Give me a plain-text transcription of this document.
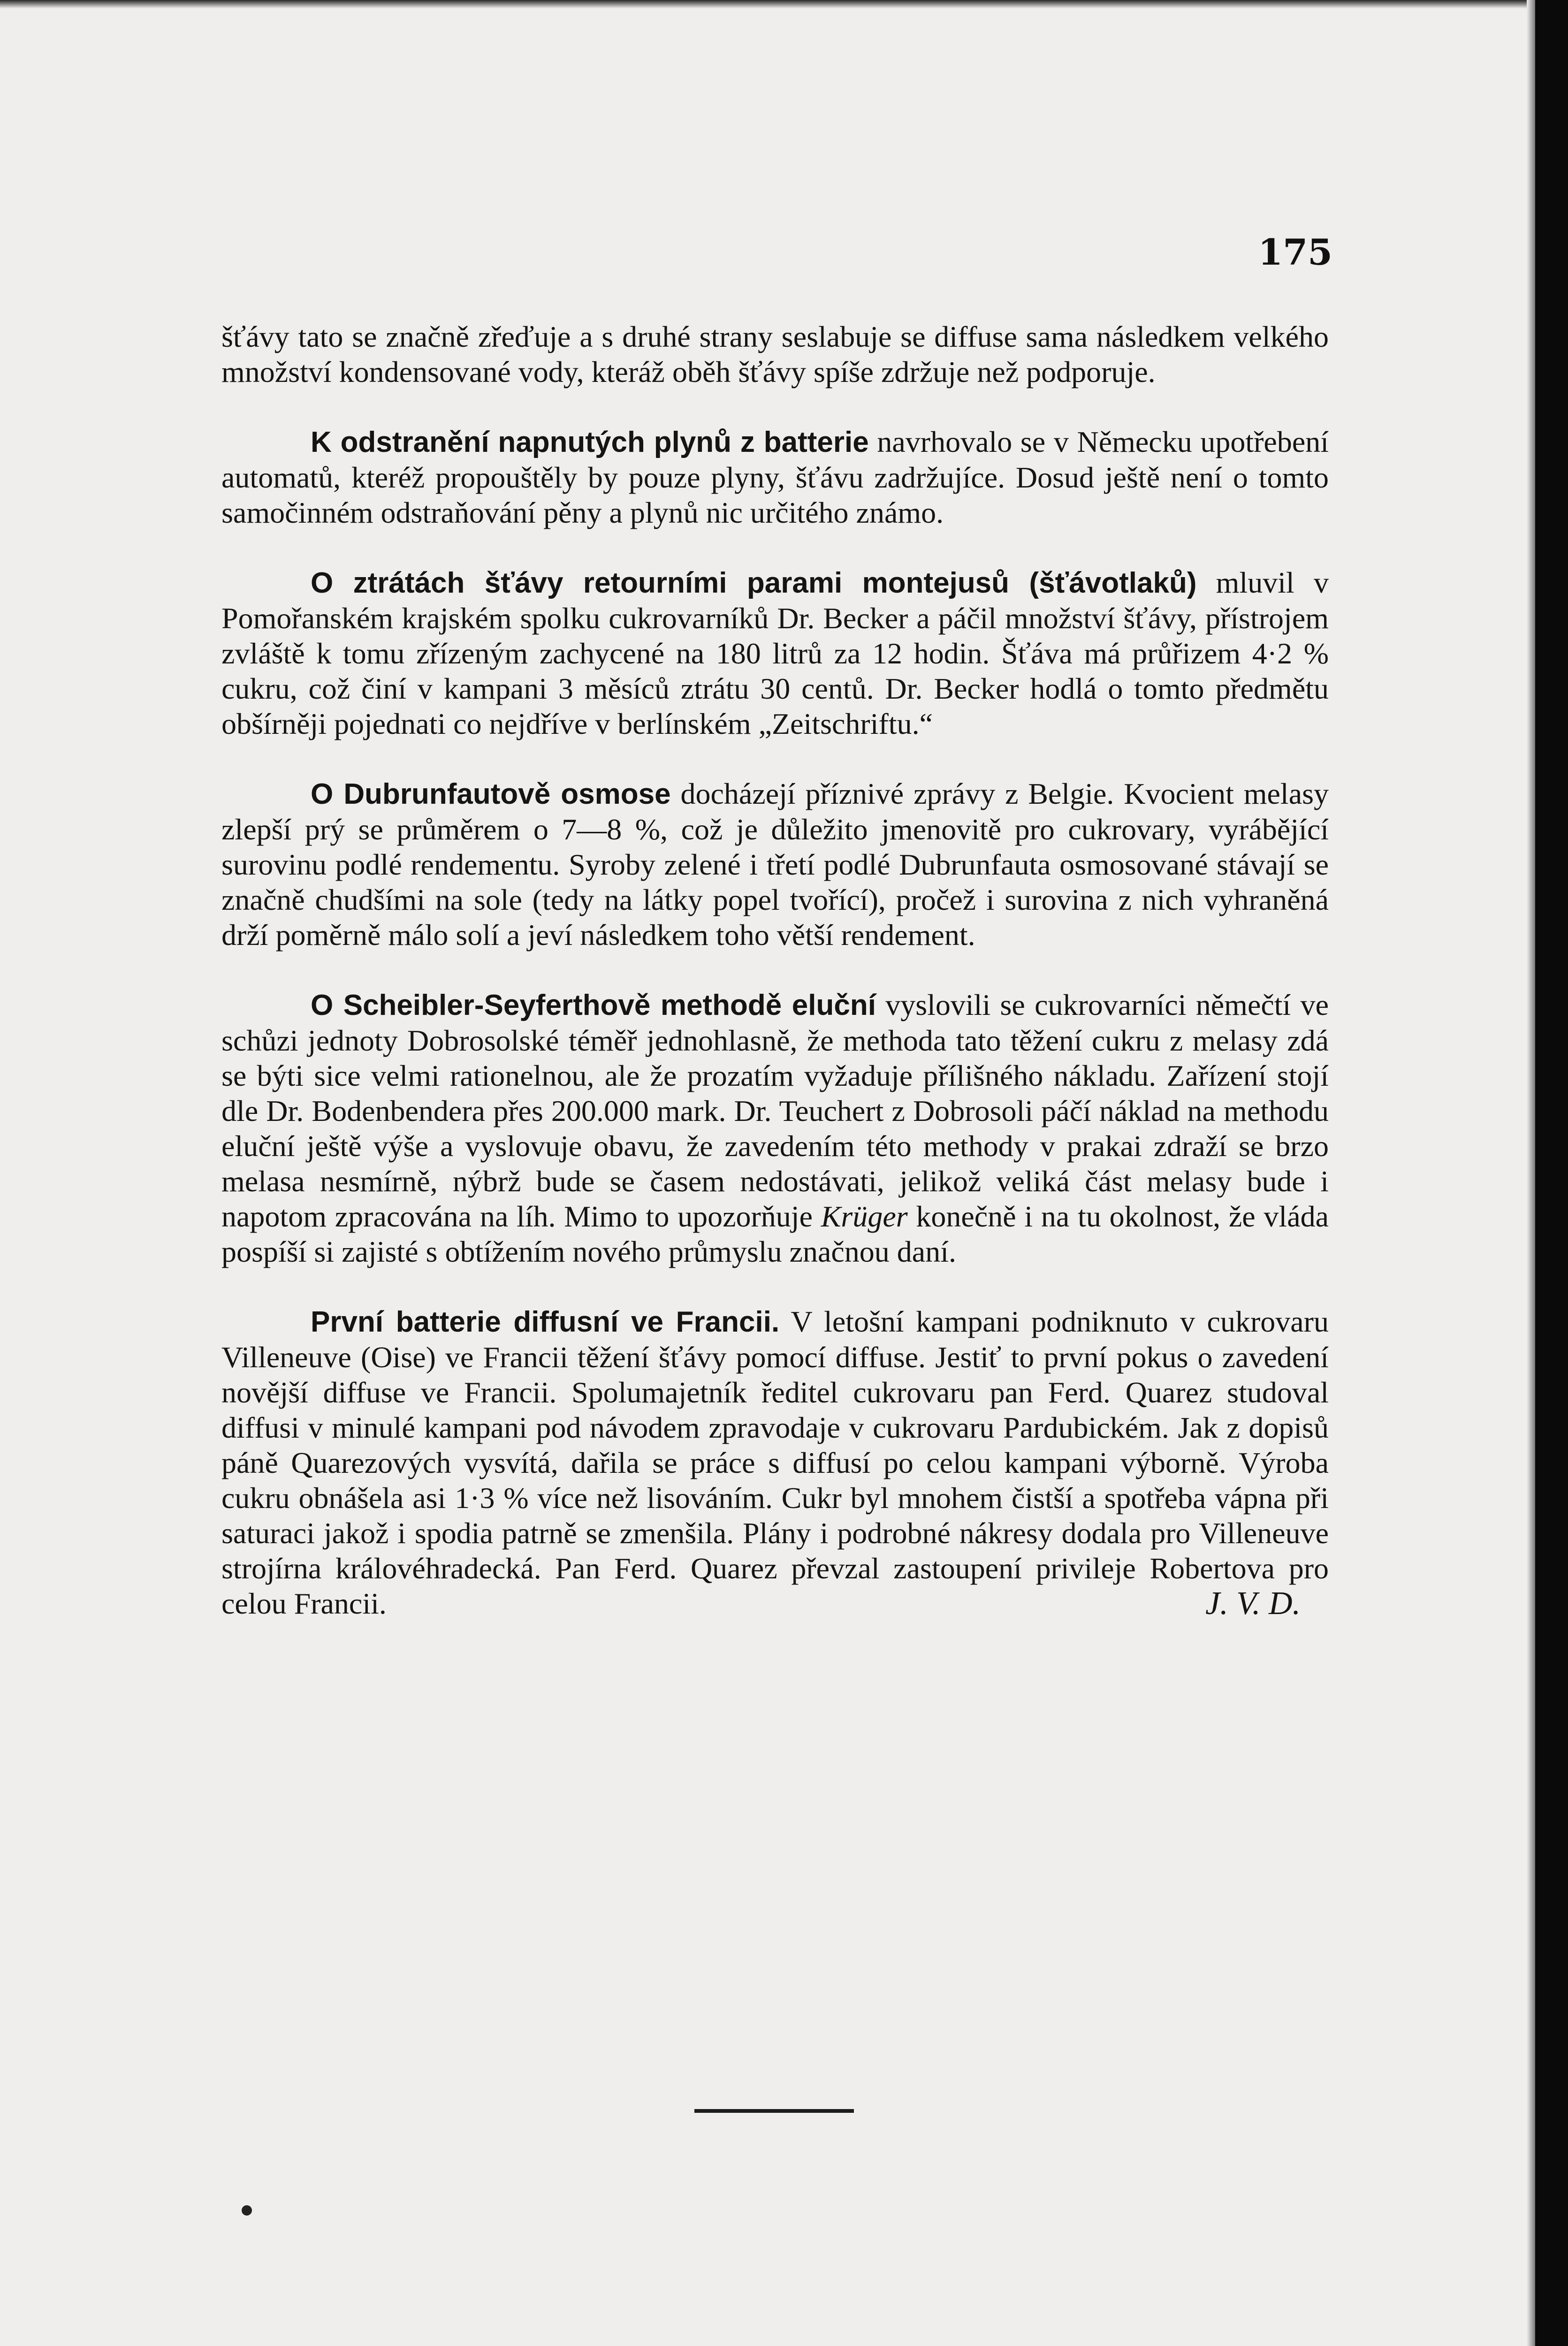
175

šťávy tato se značně zřeďuje a s druhé strany seslabuje se diffuse sama následkem velkého množství kondensované vody, kteráž oběh šťávy spíše zdržuje než podporuje.

K odstranění napnutých plynů z batterie navrhovalo se v Německu upotřebení automatů, kteréž propouštěly by pouze plyny, šťávu zadržujíce. Dosud ještě není o tomto samočinném odstraňování pěny a plynů nic určitého známo.

O ztrátách šťávy retourními parami montejusů (šťávotlaků) mluvil v Pomořanském krajském spolku cukrovarníků Dr. Becker a páčil množství šťávy, přístrojem zvláště k tomu zřízeným zachycené na 180 litrů za 12 hodin. Šťáva má průřizem 4·2 % cukru, což činí v kampani 3 měsíců ztrátu 30 centů. Dr. Becker hodlá o tomto předmětu obšírněji pojednati co nejdříve v berlínském „Zeitschriftu.“

O Dubrunfautově osmose docházejí příznivé zprávy z Belgie. Kvocient melasy zlepší prý se průměrem o 7—8 %, což je důležito jmenovitě pro cukrovary, vyrábějící surovinu podlé rendementu. Syroby zelené i třetí podlé Dubrunfauta osmosované stávají se značně chudšími na sole (tedy na látky popel tvořící), pročež i surovina z nich vyhraněná drží poměrně málo solí a jeví následkem toho větší rendement.

O Scheibler-Seyferthově methodě eluční vyslovili se cukrovarníci němečtí ve schůzi jednoty Dobrosolské téměř jednohlasně, že methoda tato těžení cukru z melasy zdá se býti sice velmi rationelnou, ale že prozatím vyžaduje přílišného nákladu. Zařízení stojí dle Dr. Bodenbendera přes 200.000 mark. Dr. Teuchert z Dobrosoli páčí náklad na methodu eluční ještě výše a vyslovuje obavu, že zavedením této methody v prakai zdraží se brzo melasa nesmírně, nýbrž bude se časem nedostávati, jelikož veliká část melasy bude i napotom zpracována na líh. Mimo to upozorňuje Krüger konečně i na tu okolnost, že vláda pospíší si zajisté s obtížením nového průmyslu značnou daní.

První batterie diffusní ve Francii. V letošní kampani podniknuto v cukrovaru Villeneuve (Oise) ve Francii těžení šťávy pomocí diffuse. Jestiť to první pokus o zavedení novější diffuse ve Francii. Spolumajetník ředitel cukrovaru pan Ferd. Quarez studoval diffusi v minulé kampani pod návodem zpravodaje v cukrovaru Pardubickém. Jak z dopisů páně Quarezových vysvítá, dařila se práce s diffusí po celou kampani výborně. Výroba cukru obnášela asi 1·3 % více než lisováním. Cukr byl mnohem čistší a spotřeba vápna při saturaci jakož i spodia patrně se zmenšila. Plány i podrobné nákresy dodala pro Villeneuve strojírna královéhradecká. Pan Ferd. Quarez převzal zastoupení privileje Robertova pro celou Francii.	J. V. D.
